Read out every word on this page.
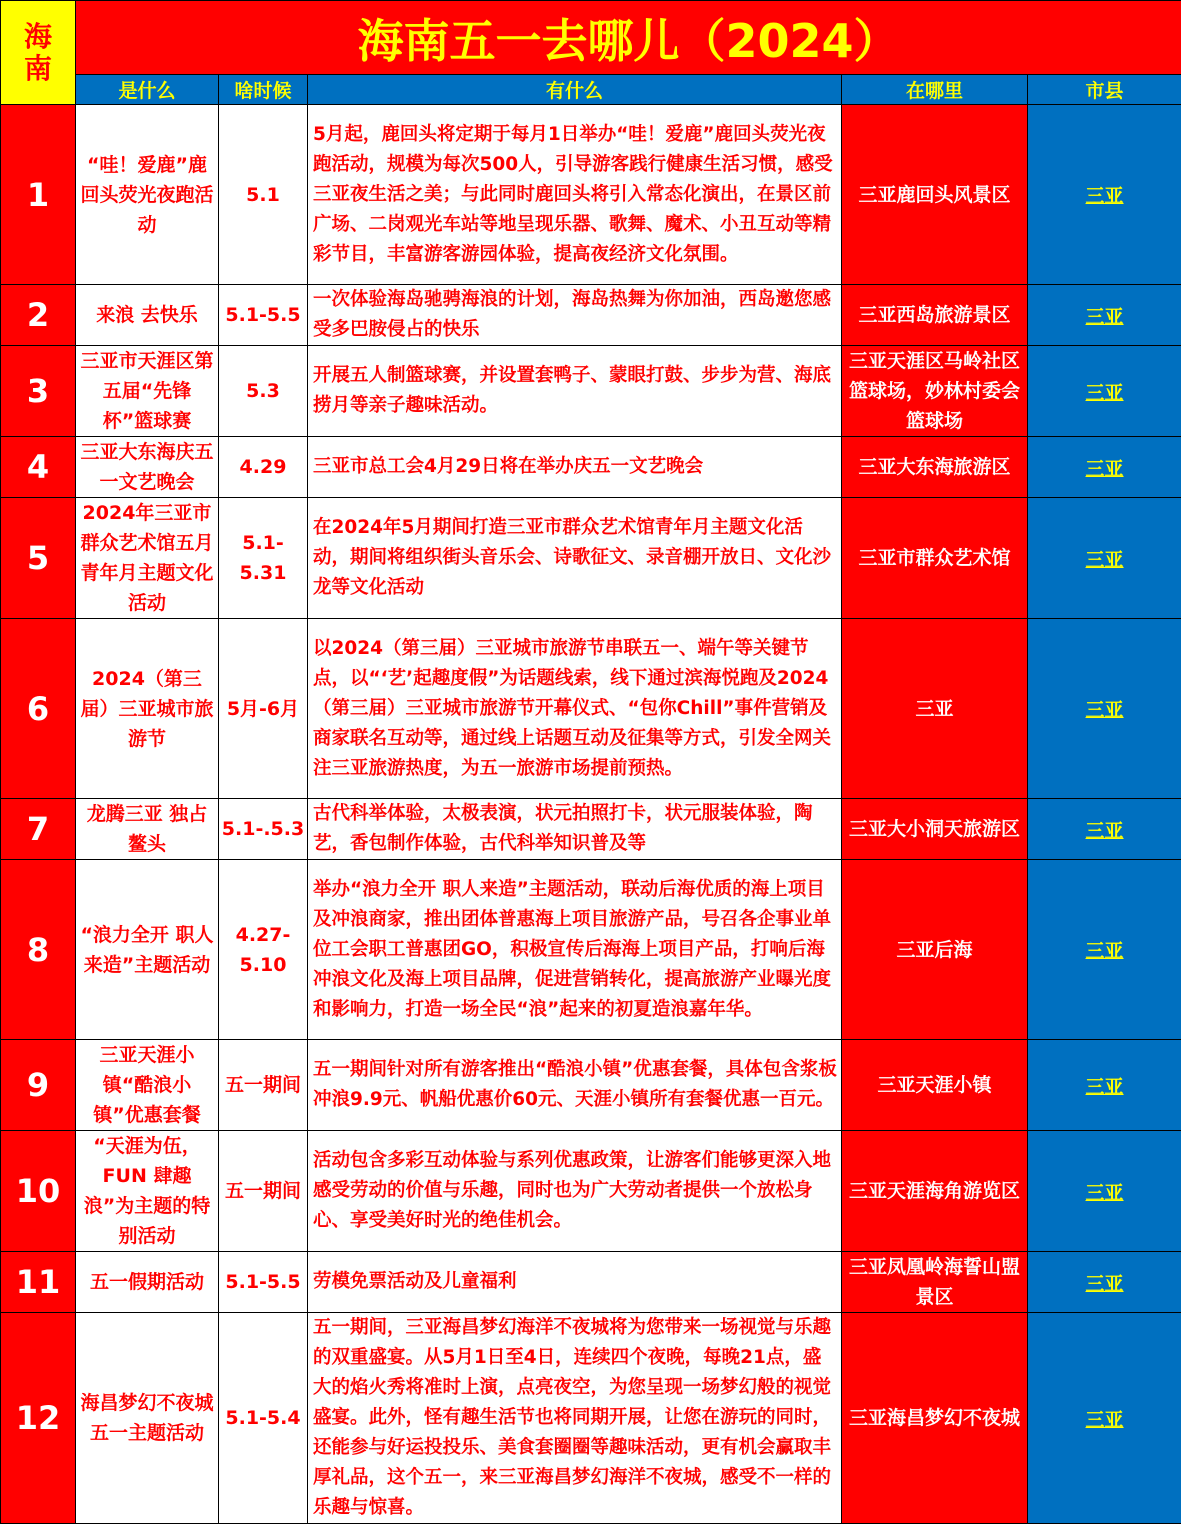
海
南	海南五一去哪儿（2024）				
	是什么	啥时候	有什么	在哪里	市县
1	“哇！爱鹿”鹿回头荧光夜跑活动	5.1	5月起，鹿回头将定期于每月1日举办“哇！爱鹿”鹿回头荧光夜跑活动，规模为每次500人，引导游客践行健康生活习惯，感受三亚夜生活之美；与此同时鹿回头将引入常态化演出，在景区前广场、二岗观光车站等地呈现乐器、歌舞、魔术、小丑互动等精彩节目，丰富游客游园体验，提高夜经济文化氛围。	三亚鹿回头风景区	三亚
2	来浪 去快乐	5.1-5.5	一次体验海岛驰骋海浪的计划，海岛热舞为你加油，西岛邀您感受多巴胺侵占的快乐	三亚西岛旅游景区	三亚
3	三亚市天涯区第五届“先锋杯”篮球赛	5.3	开展五人制篮球赛，并设置套鸭子、蒙眼打鼓、步步为营、海底捞月等亲子趣味活动。	三亚天涯区马岭社区篮球场，妙林村委会篮球场	三亚
4	三亚大东海庆五一文艺晚会	4.29	三亚市总工会4月29日将在举办庆五一文艺晚会	三亚大东海旅游区	三亚
5	2024年三亚市群众艺术馆五月青年月主题文化活动	5.1-5.31	在2024年5月期间打造三亚市群众艺术馆青年月主题文化活动，期间将组织街头音乐会、诗歌征文、录音棚开放日、文化沙龙等文化活动	三亚市群众艺术馆	三亚
6	2024（第三届）三亚城市旅游节	5月-6月	以2024（第三届）三亚城市旅游节串联五一、端午等关键节点，以“‘艺’起趣度假”为话题线索，线下通过滨海悦跑及2024（第三届）三亚城市旅游节开幕仪式、“包你Chill”事件营销及商家联名互动等，通过线上话题互动及征集等方式，引发全网关注三亚旅游热度，为五一旅游市场提前预热。	三亚	三亚
7	龙腾三亚 独占鳌头	5.1-.5.3	古代科举体验，太极表演，状元拍照打卡，状元服装体验，陶艺，香包制作体验，古代科举知识普及等	三亚大小洞天旅游区	三亚
8	“浪力全开 职人来造”主题活动	4.27-5.10	举办“浪力全开 职人来造”主题活动，联动后海优质的海上项目及冲浪商家，推出团体普惠海上项目旅游产品，号召各企事业单位工会职工普惠团GO，积极宣传后海海上项目产品，打响后海冲浪文化及海上项目品牌，促进营销转化，提高旅游产业曝光度和影响力，打造一场全民“浪”起来的初夏造浪嘉年华。	三亚后海	三亚
9	三亚天涯小镇“酷浪小镇”优惠套餐	五一期间	五一期间针对所有游客推出“酷浪小镇”优惠套餐，具体包含浆板冲浪9.9元、帆船优惠价60元、天涯小镇所有套餐优惠一百元。	三亚天涯小镇	三亚
10	“天涯为伍，FUN 肆趣浪”为主题的特别活动	五一期间	活动包含多彩互动体验与系列优惠政策，让游客们能够更深入地感受劳动的价值与乐趣，同时也为广大劳动者提供一个放松身心、享受美好时光的绝佳机会。	三亚天涯海角游览区	三亚
11	五一假期活动	5.1-5.5	劳模免票活动及儿童福利	三亚凤凰岭海誓山盟景区	三亚
12	海昌梦幻不夜城五一主题活动	5.1-5.4	五一期间，三亚海昌梦幻海洋不夜城将为您带来一场视觉与乐趣的双重盛宴。从5月1日至4日，连续四个夜晚，每晚21点，盛大的焰火秀将准时上演，点亮夜空，为您呈现一场梦幻般的视觉盛宴。此外，怪有趣生活节也将同期开展，让您在游玩的同时，还能参与好运投投乐、美食套圈圈等趣味活动，更有机会赢取丰厚礼品，这个五一，来三亚海昌梦幻海洋不夜城，感受不一样的乐趣与惊喜。	三亚海昌梦幻不夜城	三亚
